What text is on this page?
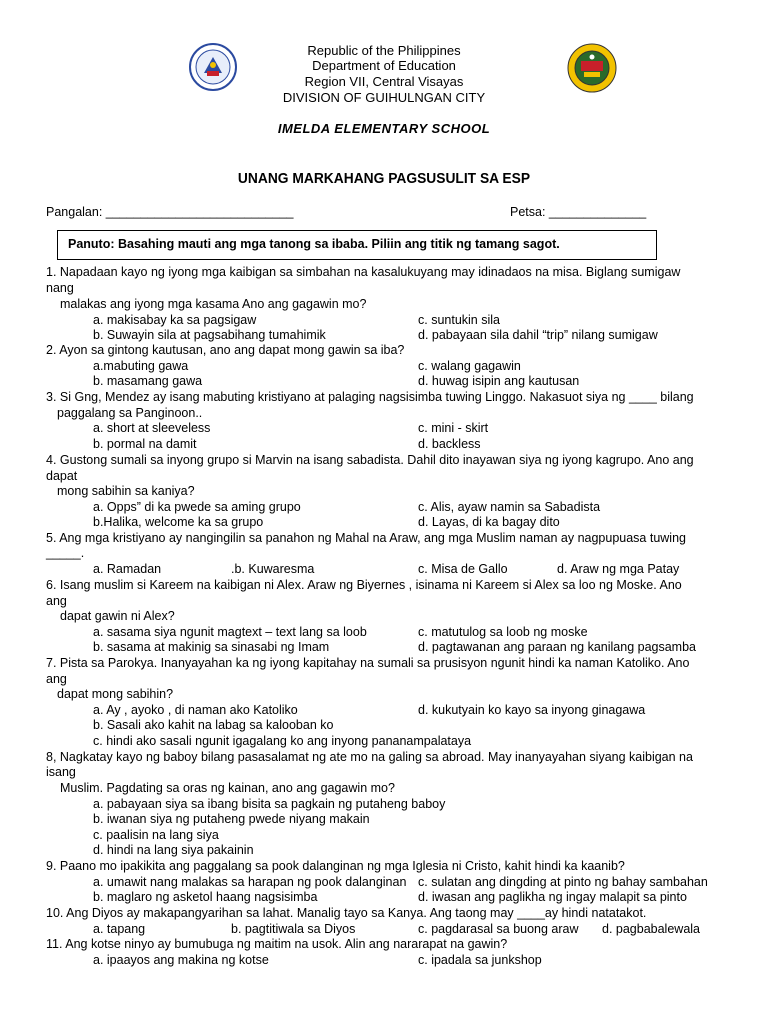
Republic of the Philippines
Department of Education
Region VII, Central Visayas
DIVISION OF GUIHULNGAN CITY
IMELDA ELEMENTARY SCHOOL
UNANG MARKAHANG PAGSUSULIT SA ESP
Pangalan: ___________________________	Petsa: ______________
Panuto: Basahing mauti ang mga tanong sa ibaba. Piliin ang titik ng tamang sagot.
1. Napadaan kayo ng iyong mga kaibigan sa simbahan na kasalukuyang may idinadaos na misa. Biglang sumigaw
nang
malakas ang iyong mga kasama Ano ang gagawin mo?
a. makisabay ka sa pagsigaw	c. suntukin sila
b. Suwayin sila at pagsabihang tumahimik	d. pabayaan sila dahil “trip” nilang sumigaw
2. Ayon sa gintong kautusan, ano ang dapat mong gawin sa iba?
a.mabuting gawa	c. walang gagawin
b. masamang gawa	d. huwag isipin ang kautusan
3. Si Gng, Mendez ay isang mabuting kristiyano at palaging nagsisimba tuwing Linggo. Nakasuot siya ng ____ bilang
paggalang sa Panginoon..
a. short at sleeveless	c. mini - skirt
b. pormal na damit	d. backless
4. Gustong sumali sa inyong grupo si Marvin na isang sabadista. Dahil dito inayawan siya ng iyong kagrupo. Ano ang
dapat
mong sabihin sa kaniya?
a. Opps” di ka pwede sa aming grupo	c. Alis, ayaw namin sa Sabadista
b.Halika, welcome ka sa grupo	d. Layas, di ka bagay dito
5. Ang mga kristiyano ay nangingilin sa panahon ng Mahal na Araw, ang mga Muslim naman ay nagpupuasa tuwing
_____.
a. Ramadan	.b. Kuwaresma	c. Misa de Gallo	d. Araw ng mga Patay
6. Isang muslim si Kareem na kaibigan ni Alex. Araw ng Biyernes , isinama ni Kareem si Alex sa loo ng Moske. Ano
ang
dapat gawin ni Alex?
a. sasama siya ngunit magtext – text lang sa loob	c. matutulog sa loob ng moske
b. sasama at makinig sa sinasabi ng Imam	d. pagtawanan ang paraan ng kanilang pagsamba
7. Pista sa Parokya. Inanyayahan ka ng iyong kapitahay na sumali sa prusisyon ngunit hindi ka naman Katoliko. Ano
ang
dapat mong sabihin?
a. Ay , ayoko , di naman ako Katoliko	d. kukutyain ko kayo sa inyong ginagawa
b. Sasali ako kahit na labag sa kalooban ko
c. hindi ako sasali ngunit igagalang ko ang inyong pananampalataya
8, Nagkatay kayo ng baboy bilang pasasalamat ng ate mo na galing sa abroad. May inanyayahan siyang kaibigan na
isang
Muslim. Pagdating sa oras ng kainan, ano ang gagawin mo?
a. pabayaan siya sa ibang bisita sa pagkain ng putaheng baboy
b. iwanan siya ng putaheng pwede niyang makain
c. paalisin na lang siya
d. hindi na lang siya pakainin
9. Paano mo ipakikita ang paggalang sa pook dalanginan ng mga Iglesia ni Cristo, kahit hindi ka kaanib?
a. umawit nang malakas sa harapan ng pook dalanginan c. sulatan ang dingding at pinto ng bahay sambahan
b. maglaro ng asketol haang nagsisimba	d. iwasan ang paglikha ng ingay malapit sa pinto
10. Ang Diyos ay makapangyarihan sa lahat. Manalig tayo sa Kanya. Ang taong may ____ay hindi natatakot.
a. tapang	b. pagtitiwala sa Diyos	c. pagdarasal sa buong araw d. pagbabalewala
11. Ang kotse ninyo ay bumubuga ng maitim na usok. Alin ang nararapat na gawin?
a. ipaayos ang makina ng kotse	c. ipadala sa junkshop
